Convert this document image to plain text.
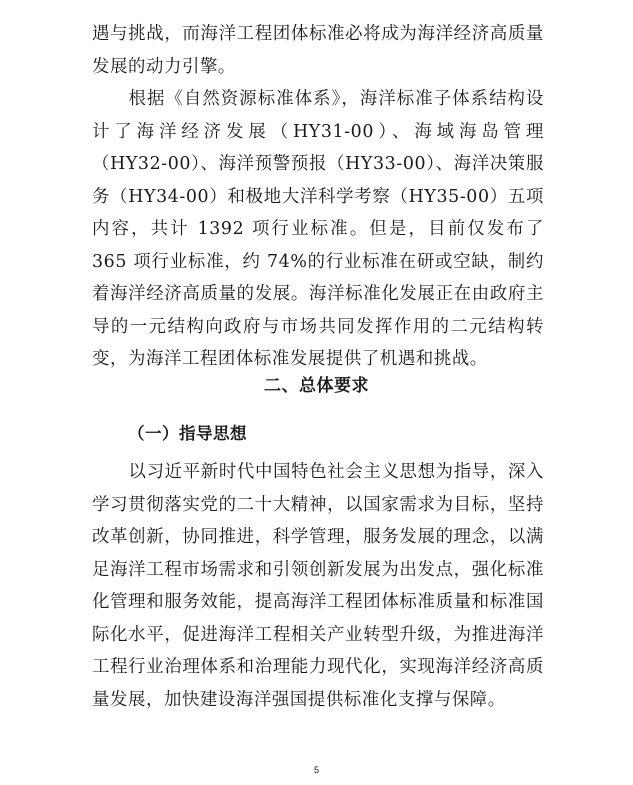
遇与挑战，而海洋工程团体标准必将成为海洋经济高质量发展的动力引擎。

根据《自然资源标准体系》，海洋标准子体系结构设计了海洋经济发展（HY31-00）、海域海岛管理（HY32-00）、海洋预警预报（HY33-00）、海洋决策服务（HY34-00）和极地大洋科学考察（HY35-00）五项内容，共计 1392 项行业标准。但是，目前仅发布了 365 项行业标准，约 74%的行业标准在研或空缺，制约着海洋经济高质量的发展。海洋标准化发展正在由政府主导的一元结构向政府与市场共同发挥作用的二元结构转变，为海洋工程团体标准发展提供了机遇和挑战。

二、总体要求
（一）指导思想

以习近平新时代中国特色社会主义思想为指导，深入学习贯彻落实党的二十大精神，以国家需求为目标，坚持改革创新，协同推进，科学管理，服务发展的理念，以满足海洋工程市场需求和引领创新发展为出发点，强化标准化管理和服务效能，提高海洋工程团体标准质量和标准国际化水平，促进海洋工程相关产业转型升级，为推进海洋工程行业治理体系和治理能力现代化，实现海洋经济高质量发展，加快建设海洋强国提供标准化支撑与保障。

5
